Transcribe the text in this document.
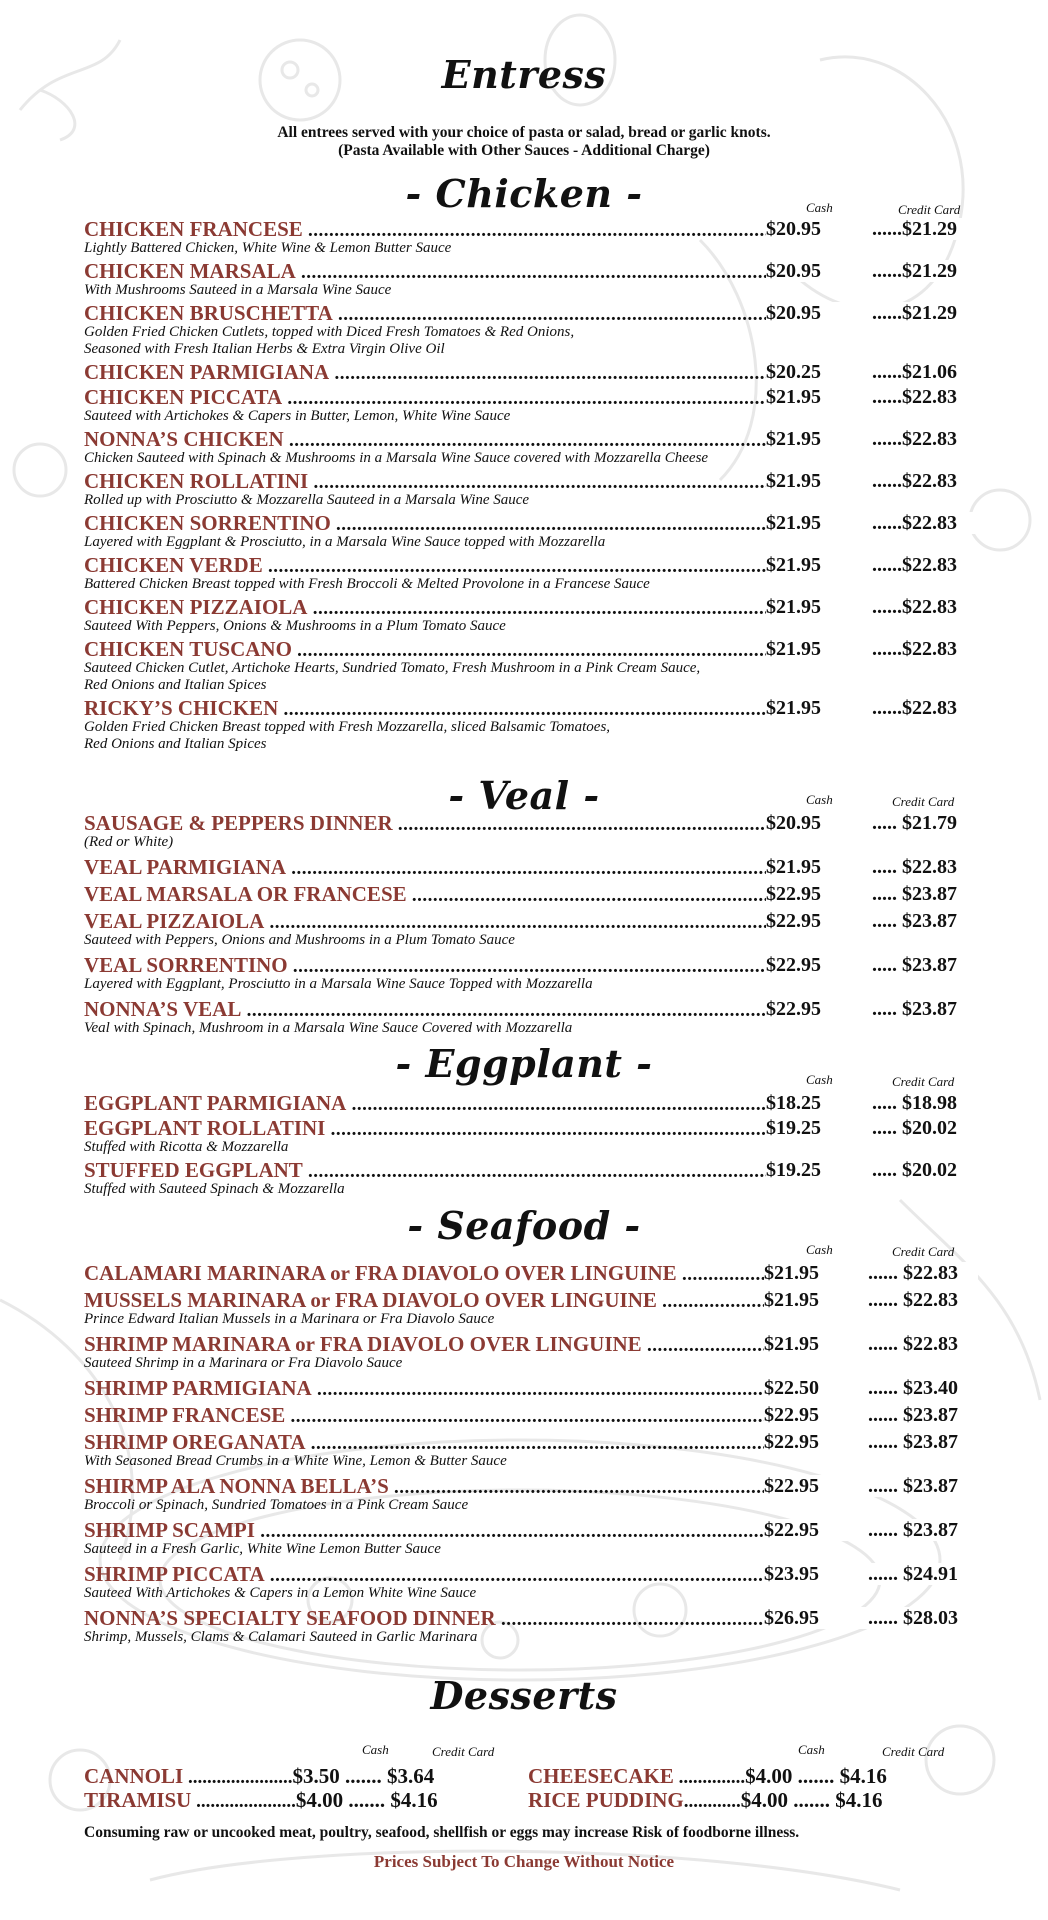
Entress
All entrees served with your choice of pasta or salad, bread or garlic knots.
(Pasta Available with Other Sauces - Additional Charge)
- Chicken -	Cash	Credit Card
CHICKEN FRANCESE .....	$20.95	......$21.29
Lightly Battered Chicken, White Wine & Lemon Butter Sauce
CHICKEN MARSALA .....	$20.95	......$21.29
With Mushrooms Sauteed in a Marsala Wine Sauce
CHICKEN BRUSCHETTA .....	$20.95	......$21.29
Golden Fried Chicken Cutlets, topped with Diced Fresh Tomatoes & Red Onions,
Seasoned with Fresh Italian Herbs & Extra Virgin Olive Oil
CHICKEN PARMIGIANA .....	$20.25	......$21.06
CHICKEN PICCATA .....	$21.95	......$22.83
Sauteed with Artichokes & Capers in Butter, Lemon, White Wine Sauce
NONNA’S CHICKEN .....	$21.95	......$22.83
Chicken Sauteed with Spinach & Mushrooms in a Marsala Wine Sauce covered with Mozzarella Cheese
CHICKEN ROLLATINI .....	$21.95	......$22.83
Rolled up with Prosciutto & Mozzarella Sauteed in a Marsala Wine Sauce
CHICKEN SORRENTINO .....	$21.95	......$22.83
Layered with Eggplant & Prosciutto, in a Marsala Wine Sauce topped with Mozzarella
CHICKEN VERDE .....	$21.95	......$22.83
Battered Chicken Breast topped with Fresh Broccoli & Melted Provolone in a Francese Sauce
CHICKEN PIZZAIOLA .....	$21.95	......$22.83
Sauteed With Peppers, Onions & Mushrooms in a Plum Tomato Sauce
CHICKEN TUSCANO .....	$21.95	......$22.83
Sauteed Chicken Cutlet, Artichoke Hearts, Sundried Tomato, Fresh Mushroom in a Pink Cream Sauce,
Red Onions and Italian Spices
RICKY’S CHICKEN .....	$21.95	......$22.83
Golden Fried Chicken Breast topped with Fresh Mozzarella, sliced Balsamic Tomatoes,
Red Onions and Italian Spices
- Veal -	Cash	Credit Card
SAUSAGE & PEPPERS DINNER .....	$20.95	..... $21.79
(Red or White)
VEAL PARMIGIANA .....	$21.95	..... $22.83
VEAL MARSALA OR FRANCESE .....	$22.95	..... $23.87
VEAL PIZZAIOLA .....	$22.95	..... $23.87
Sauteed with Peppers, Onions and Mushrooms in a Plum Tomato Sauce
VEAL SORRENTINO .....	$22.95	..... $23.87
Layered with Eggplant, Prosciutto in a Marsala Wine Sauce Topped with Mozzarella
NONNA’S VEAL .....	$22.95	..... $23.87
Veal with Spinach, Mushroom in a Marsala Wine Sauce Covered with Mozzarella
- Eggplant -	Cash	Credit Card
EGGPLANT PARMIGIANA .....	$18.25	..... $18.98
EGGPLANT ROLLATINI .....	$19.25	..... $20.02
Stuffed with Ricotta & Mozzarella
STUFFED EGGPLANT .....	$19.25	..... $20.02
Stuffed with Sauteed Spinach & Mozzarella
- Seafood -
Cash	Credit Card
CALAMARI MARINARA or FRA DIAVOLO OVER LINGUINE .....	$21.95	...... $22.83
MUSSELS MARINARA or FRA DIAVOLO OVER LINGUINE .....	$21.95	...... $22.83
Prince Edward Italian Mussels in a Marinara or Fra Diavolo Sauce
SHRIMP MARINARA or FRA DIAVOLO OVER LINGUINE .....	$21.95	...... $22.83
Sauteed Shrimp in a Marinara or Fra Diavolo Sauce
SHRIMP PARMIGIANA .....	$22.50	...... $23.40
SHRIMP FRANCESE .....	$22.95	...... $23.87
SHRIMP OREGANATA .....	$22.95	...... $23.87
With Seasoned Bread Crumbs in a White Wine, Lemon & Butter Sauce
SHIRMP ALA NONNA BELLA’S .....	$22.95	...... $23.87
Broccoli or Spinach, Sundried Tomatoes in a Pink Cream Sauce
SHRIMP SCAMPI .....	$22.95	...... $23.87
Sauteed in a Fresh Garlic, White Wine Lemon Butter Sauce
SHRIMP PICCATA .....	$23.95	...... $24.91
Sauteed With Artichokes & Capers in a Lemon White Wine Sauce
NONNA’S SPECIALTY SEAFOOD DINNER .....	$26.95	...... $28.03
Shrimp, Mussels, Clams & Calamari Sauteed in Garlic Marinara
Desserts
Cash	Credit Card	Cash	Credit Card
CANNOLI ......................$3.50 ....... $3.64
TIRAMISU .....................$4.00 ....... $4.16
CHEESECAKE ..............$4.00 ....... $4.16
RICE PUDDING............$4.00 ....... $4.16
Consuming raw or uncooked meat, poultry, seafood, shellfish or eggs may increase Risk of foodborne illness.
Prices Subject To Change Without Notice
